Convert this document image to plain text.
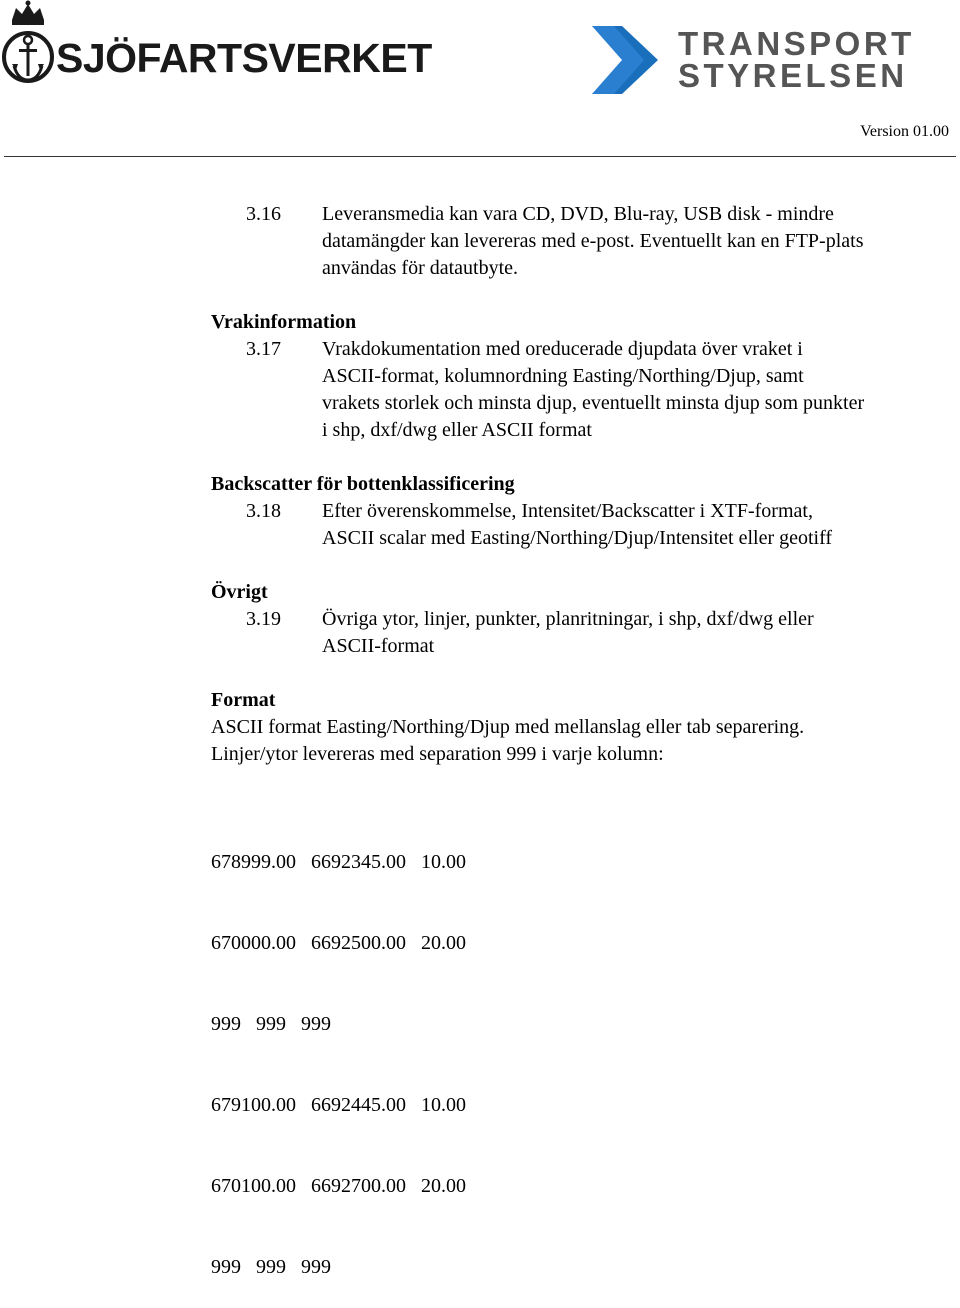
SJÖFARTSVERKET	TRANSPORT
STYRELSEN
Version 01.00
3.16 Leveransmedia kan vara CD, DVD, Blu-ray, USB disk - mindre
datamängder kan levereras med e-post. Eventuellt kan en FTP-plats
användas för datautbyte.
Vrakinformation
3.17 Vrakdokumentation med oreducerade djupdata över vraket i
ASCII-format, kolumnordning Easting/Northing/Djup, samt
vrakets storlek och minsta djup, eventuellt minsta djup som punkter
i shp, dxf/dwg eller ASCII format
Backscatter för bottenklassificering
3.18 Efter överenskommelse, Intensitet/Backscatter i XTF-format,
ASCII scalar med Easting/Northing/Djup/Intensitet eller geotiff
Övrigt
3.19 Övriga ytor, linjer, punkter, planritningar, i shp, dxf/dwg eller
ASCII-format
Format
ASCII format Easting/Northing/Djup med mellanslag eller tab separering.
Linjer/ytor levereras med separation 999 i varje kolumn:

678999.00   6692345.00   10.00

670000.00   6692500.00   20.00

999   999   999

679100.00   6692445.00   10.00

670100.00   6692700.00   20.00

999   999   999
